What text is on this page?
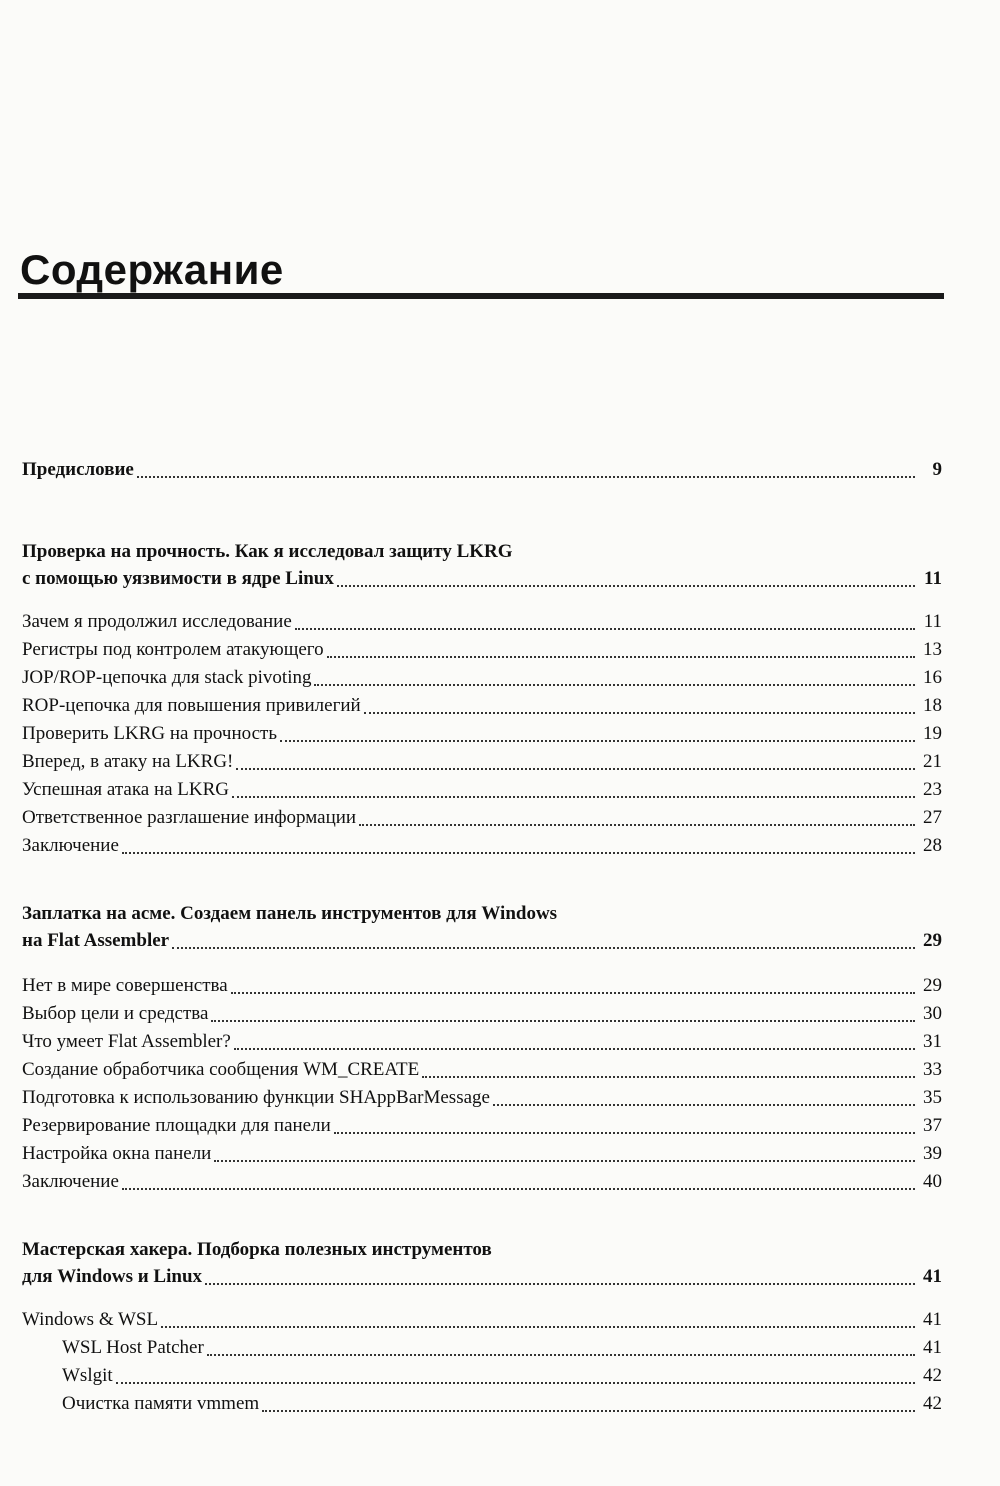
Содержание
Предисловие	9
Проверка на прочность. Как я исследовал защиту LKRG
с помощью уязвимости в ядре Linux	11
Зачем я продолжил исследование	11
Регистры под контролем атакующего	13
JOP/ROP-цепочка для stack pivoting	16
ROP-цепочка для повышения привилегий	18
Проверить LKRG на прочность	19
Вперед, в атаку на LKRG!	21
Успешная атака на LKRG	23
Ответственное разглашение информации	27
Заключение	28
Заплатка на асме. Создаем панель инструментов для Windows
на Flat Assembler	29
Нет в мире совершенства	29
Выбор цели и средства	30
Что умеет Flat Assembler?	31
Создание обработчика сообщения WM_CREATE	33
Подготовка к использованию функции SHAppBarMessage	35
Резервирование площадки для панели	37
Настройка окна панели	39
Заключение	40
Мастерская хакера. Подборка полезных инструментов
для Windows и Linux	41
Windows & WSL	41
WSL Host Patcher	41
Wslgit	42
Очистка памяти vmmem	42
